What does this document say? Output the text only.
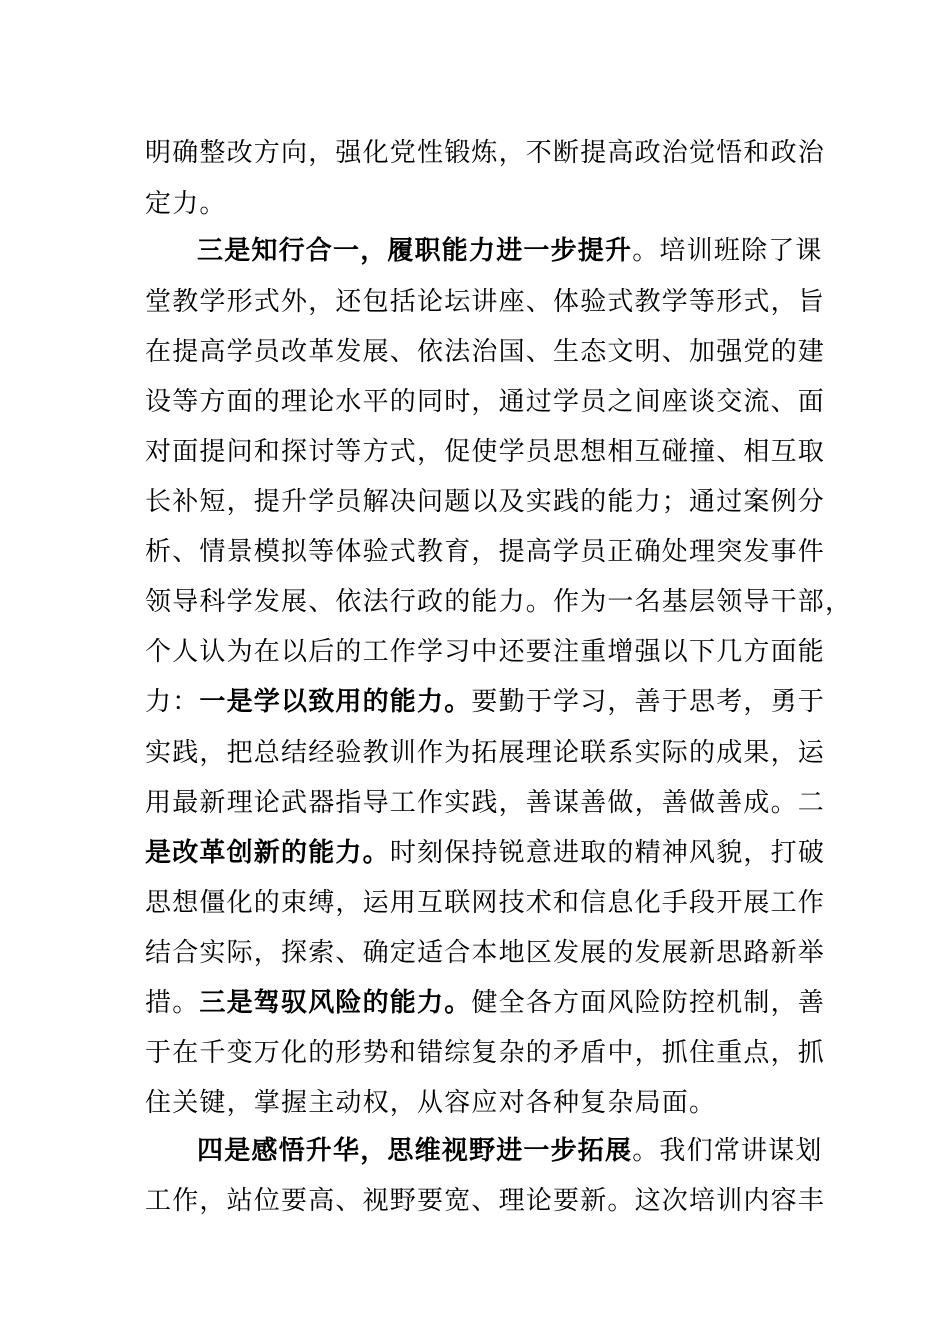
明确整改方向，强化党性锻炼，不断提高政治觉悟和政治
定力。
三是知行合一，履职能力进一步提升。培训班除了课
堂教学形式外，还包括论坛讲座、体验式教学等形式，旨
在提高学员改革发展、依法治国、生态文明、加强党的建
设等方面的理论水平的同时，通过学员之间座谈交流、面
对面提问和探讨等方式，促使学员思想相互碰撞、相互取
长补短，提升学员解决问题以及实践的能力；通过案例分
析、情景模拟等体验式教育，提高学员正确处理突发事件
领导科学发展、依法行政的能力。作为一名基层领导干部，
个人认为在以后的工作学习中还要注重增强以下几方面能
力：一是学以致用的能力。要勤于学习，善于思考，勇于
实践，把总结经验教训作为拓展理论联系实际的成果，运
用最新理论武器指导工作实践，善谋善做，善做善成。二
是改革创新的能力。时刻保持锐意进取的精神风貌，打破
思想僵化的束缚，运用互联网技术和信息化手段开展工作
结合实际，探索、确定适合本地区发展的发展新思路新举
措。三是驾驭风险的能力。健全各方面风险防控机制，善
于在千变万化的形势和错综复杂的矛盾中，抓住重点，抓
住关键，掌握主动权，从容应对各种复杂局面。
四是感悟升华，思维视野进一步拓展。我们常讲谋划
工作，站位要高、视野要宽、理论要新。这次培训内容丰
